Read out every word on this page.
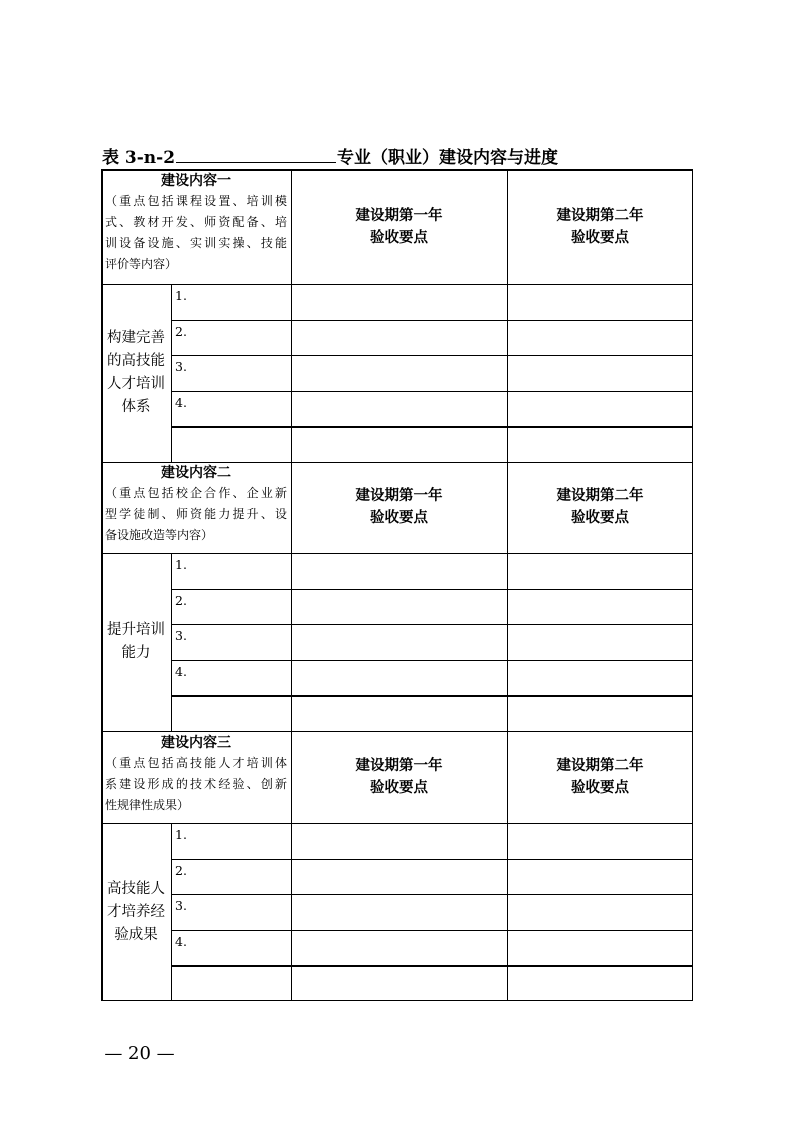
表 3-n-2	专业（职业）建设内容与进度
建设内容一
（重点包括课程设置、培训模
式、教材开发、师资配备、培
训设备设施、实训实操、技能
评价等内容）
建设期第一年
验收要点
建设期第二年
验收要点
构建完善
的高技能
人才培训
体系
1.
2.
3.
4.
建设内容二
（重点包括校企合作、企业新
型学徒制、师资能力提升、设
备设施改造等内容）
建设期第一年
验收要点
建设期第二年
验收要点
提升培训
能力
1.
2.
3.
4.
建设内容三
（重点包括高技能人才培训体
系建设形成的技术经验、创新
性规律性成果）
建设期第一年
验收要点
建设期第二年
验收要点
高技能人
才培养经
验成果
1.
2.
3.
4.
— 20 —
